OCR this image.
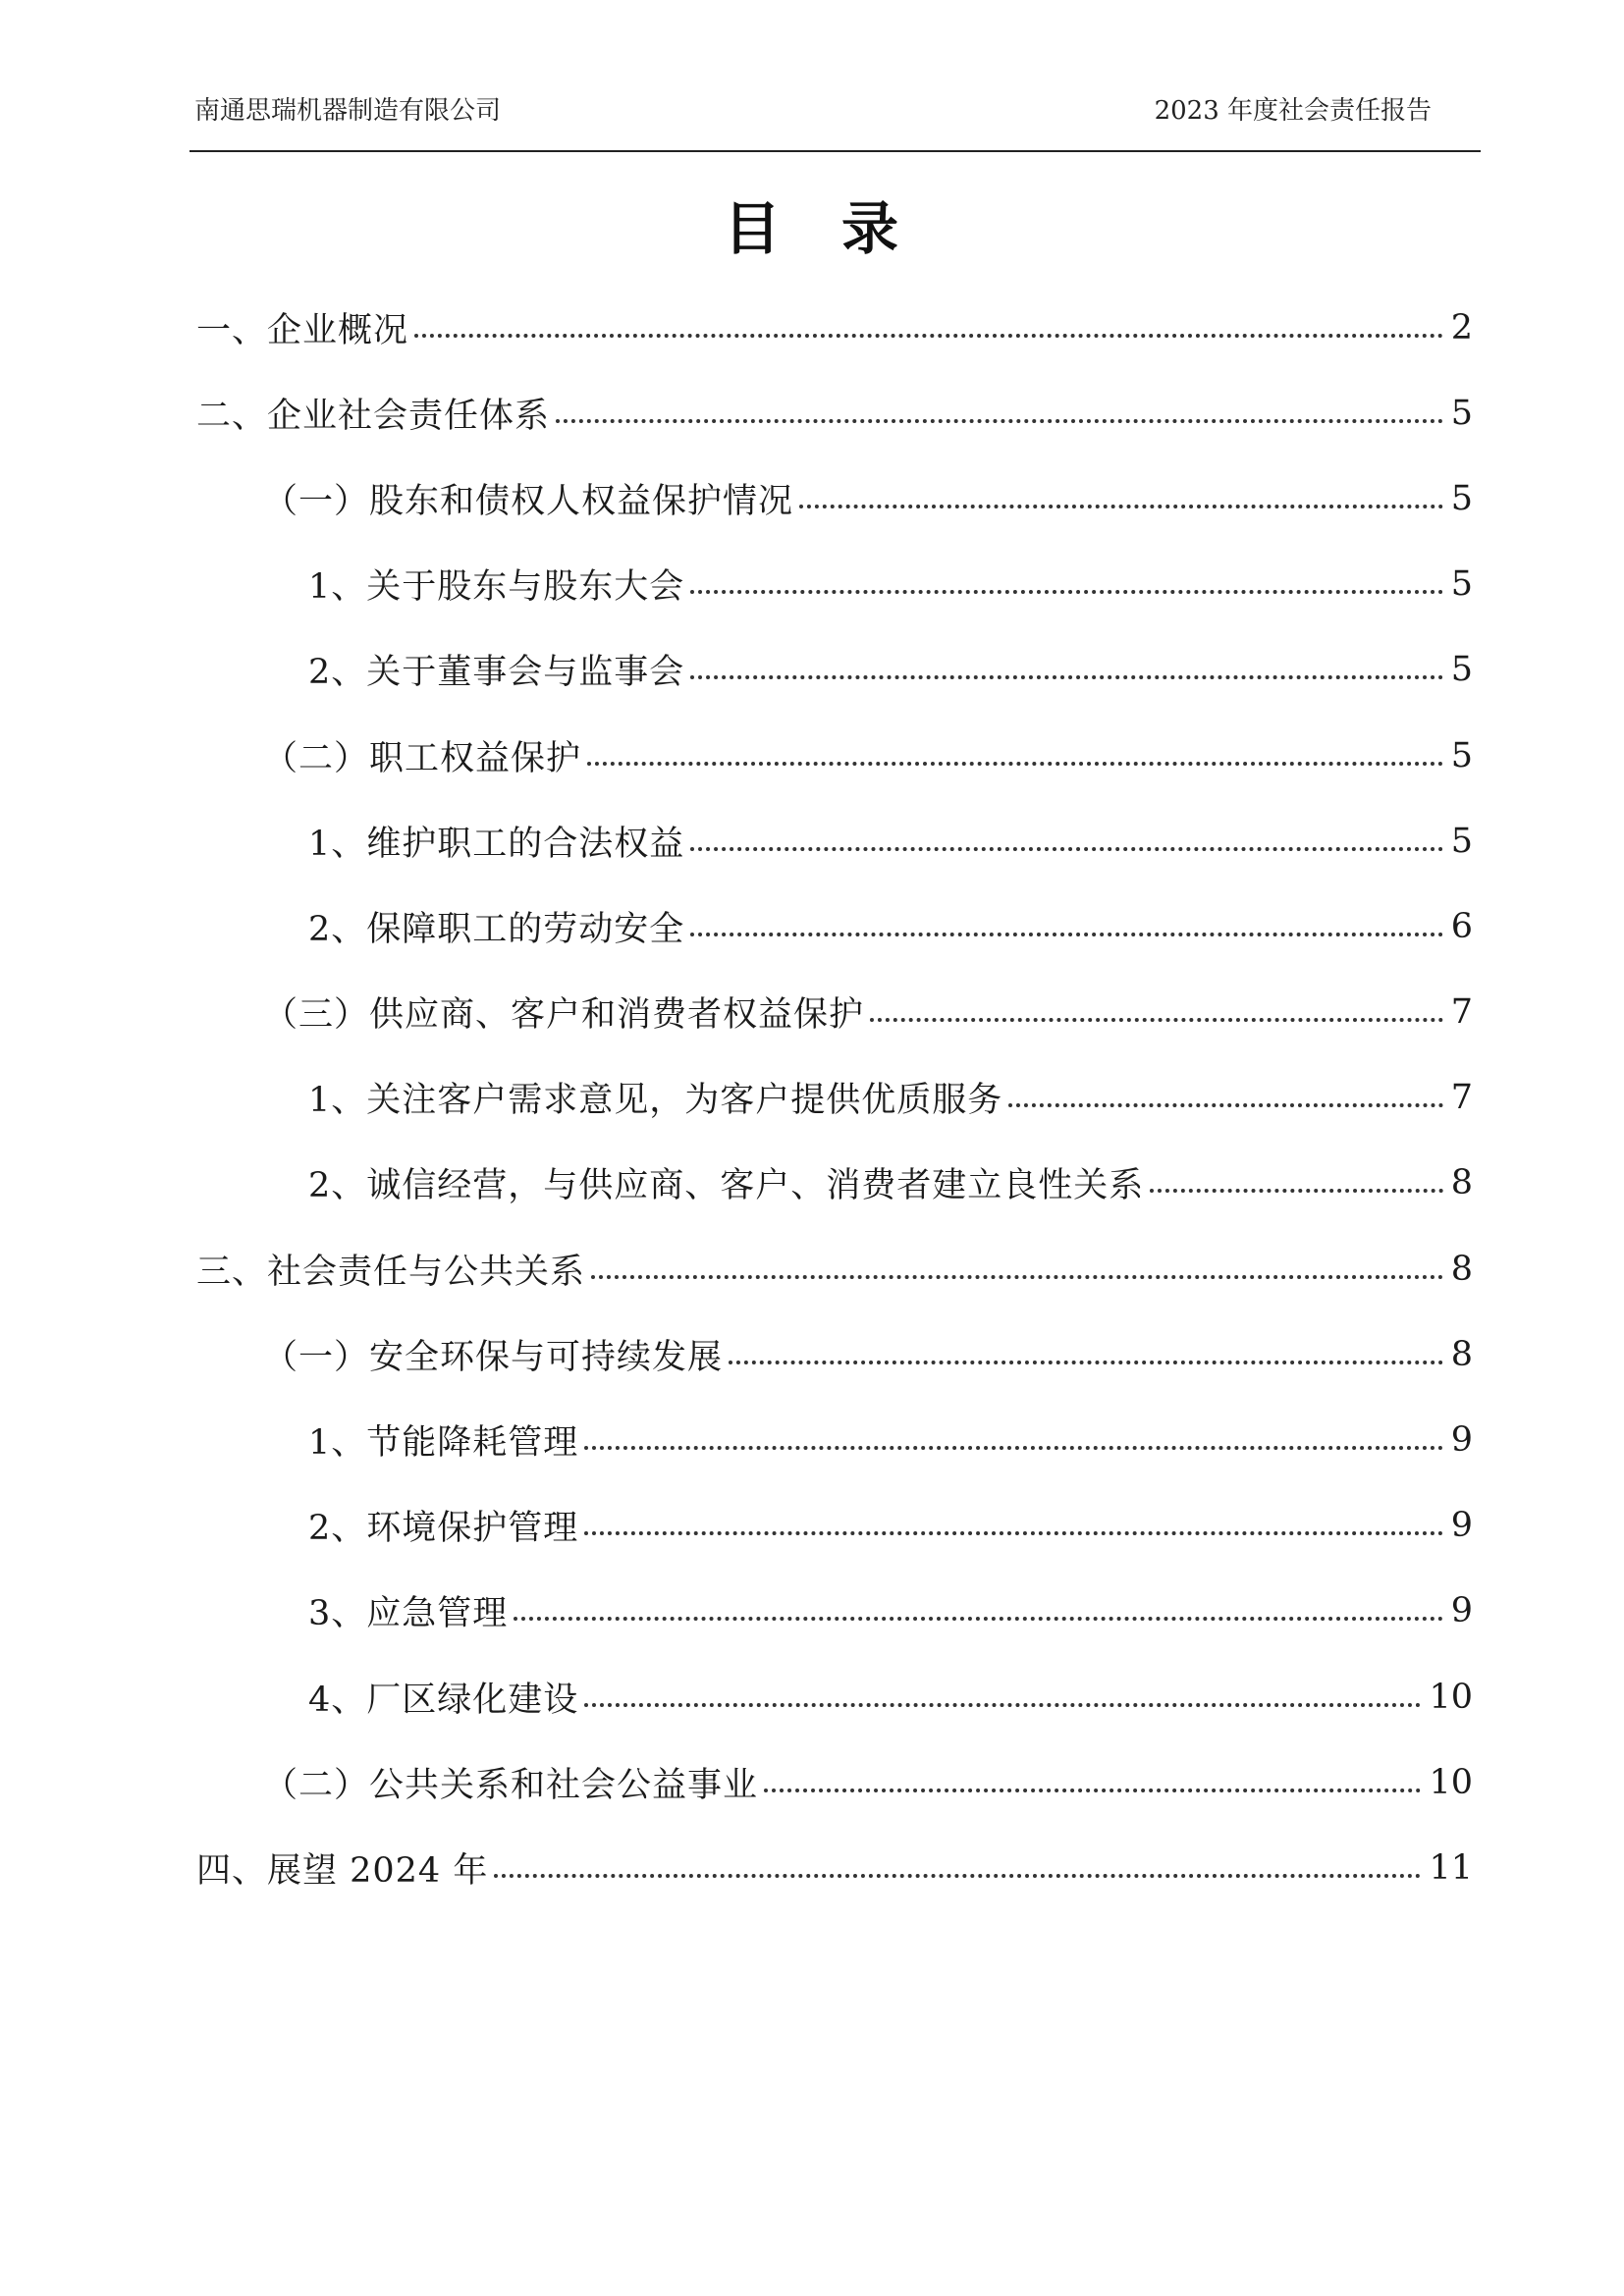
南通思瑞机器制造有限公司	2023 年度社会责任报告
目　录
一、企业概况	2
二、企业社会责任体系	5
（一）股东和债权人权益保护情况	5
1、关于股东与股东大会	5
2、关于董事会与监事会	5
（二）职工权益保护	5
1、维护职工的合法权益	5
2、保障职工的劳动安全	6
（三）供应商、客户和消费者权益保护	7
1、关注客户需求意见，为客户提供优质服务	7
2、诚信经营，与供应商、客户、消费者建立良性关系	8
三、社会责任与公共关系	8
（一）安全环保与可持续发展	8
1、节能降耗管理	9
2、环境保护管理	9
3、应急管理	9
4、厂区绿化建设	10
（二）公共关系和社会公益事业	10
四、展望 2024 年	11
